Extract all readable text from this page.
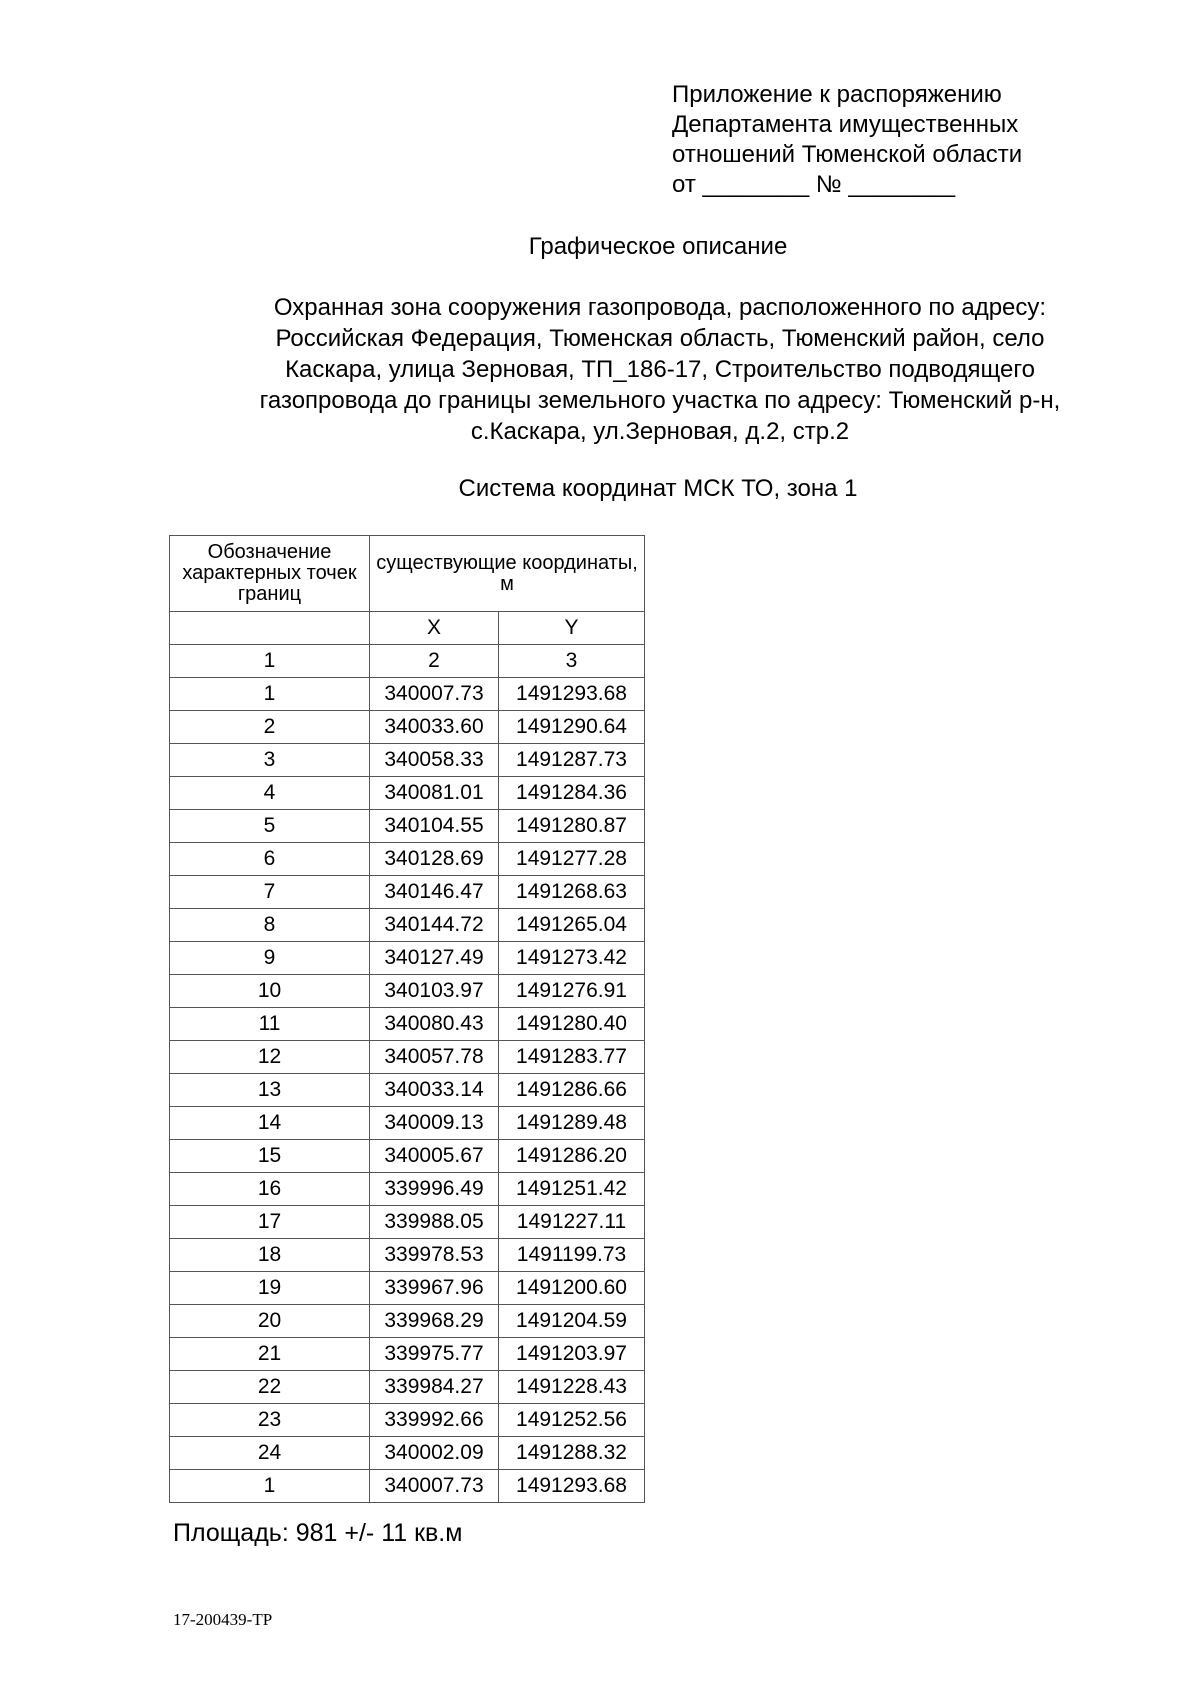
Приложение к распоряжению
Департамента имущественных
отношений Тюменской области
от ________ № ________
Графическое описание
Охранная зона сооружения газопровода, расположенного по адресу:
Российская Федерация, Тюменская область, Тюменский район, село
Каскара, улица Зерновая, ТП_186-17, Строительство подводящего
газопровода до границы земельного участка по адресу: Тюменский р-н,
с.Каскара, ул.Зерновая, д.2, стр.2
Система координат МСК ТО, зона 1
Обозначение характерных точек границ	существующие координаты, м	
	X	Y
1	2	3
1	340007.73	1491293.68
2	340033.60	1491290.64
3	340058.33	1491287.73
4	340081.01	1491284.36
5	340104.55	1491280.87
6	340128.69	1491277.28
7	340146.47	1491268.63
8	340144.72	1491265.04
9	340127.49	1491273.42
10	340103.97	1491276.91
11	340080.43	1491280.40
12	340057.78	1491283.77
13	340033.14	1491286.66
14	340009.13	1491289.48
15	340005.67	1491286.20
16	339996.49	1491251.42
17	339988.05	1491227.11
18	339978.53	1491199.73
19	339967.96	1491200.60
20	339968.29	1491204.59
21	339975.77	1491203.97
22	339984.27	1491228.43
23	339992.66	1491252.56
24	340002.09	1491288.32
1	340007.73	1491293.68
Площадь: 981 +/- 11 кв.м
17-200439-ТР
